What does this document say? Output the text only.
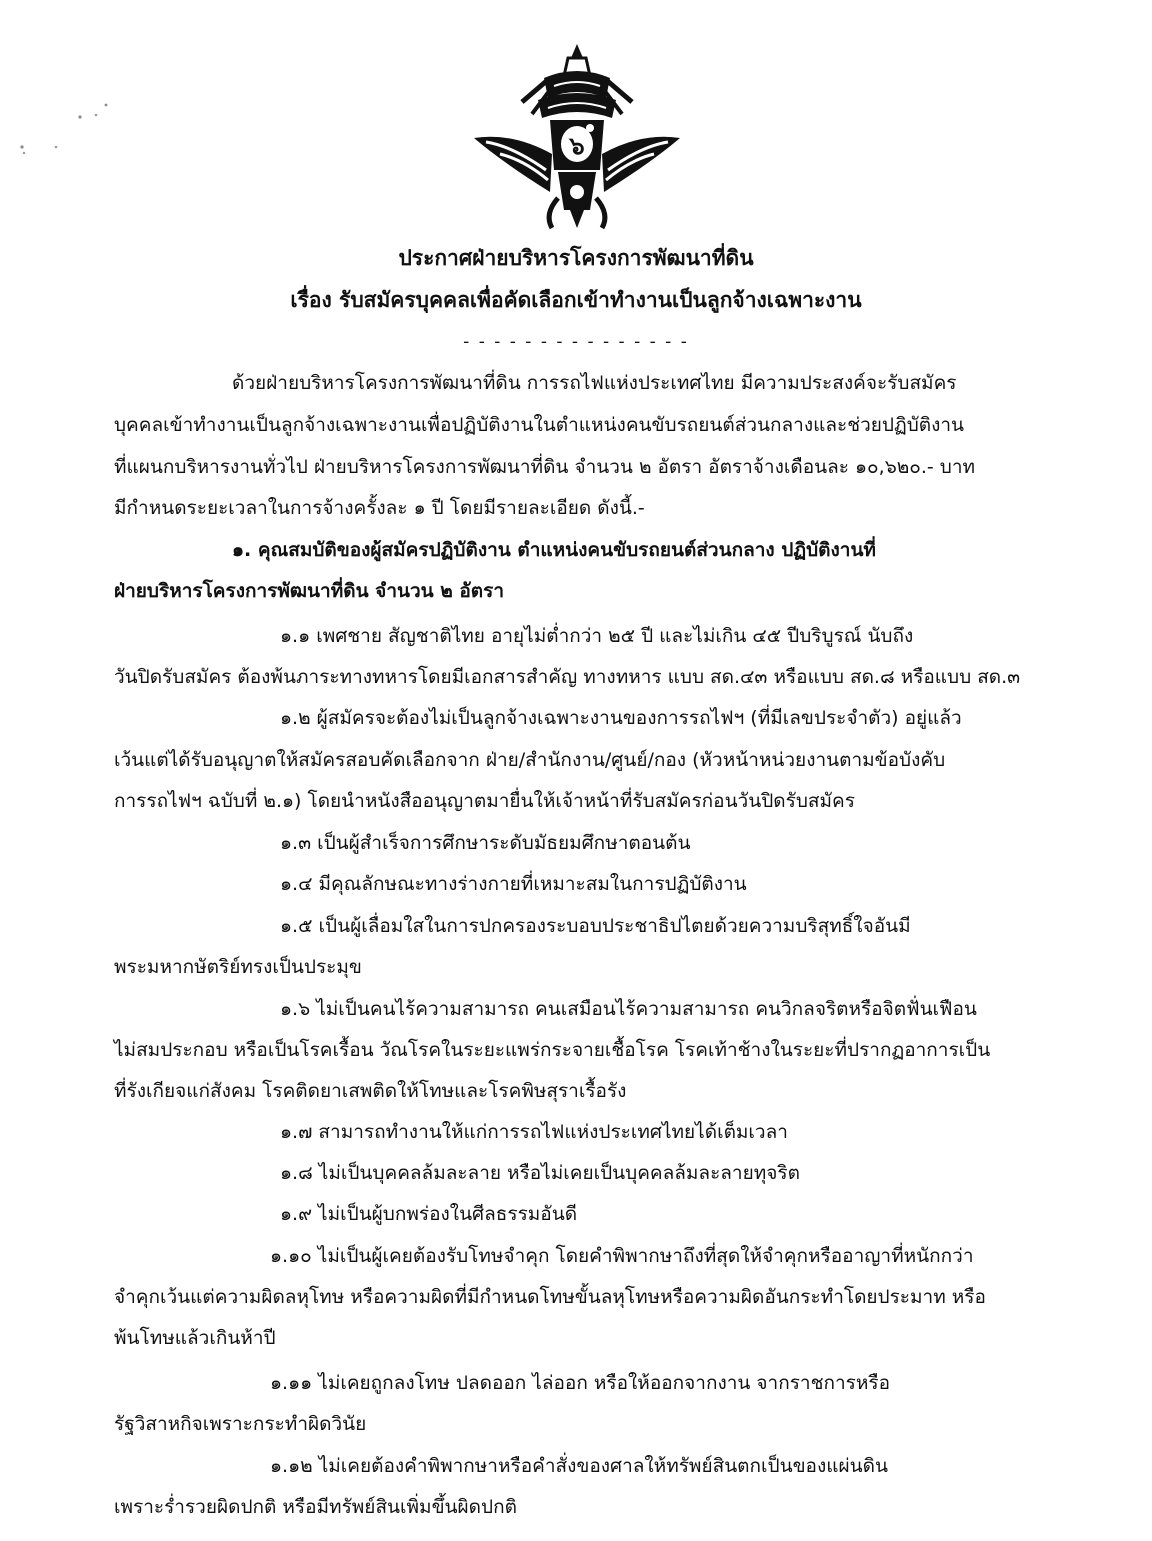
๖
ประกาศฝ่ายบริหารโครงการพัฒนาที่ดิน
เรื่อง รับสมัครบุคคลเพื่อคัดเลือกเข้าทำงานเป็นลูกจ้างเฉพาะงาน
- - - - - - - - - - - - - - -
ด้วยฝ่ายบริหารโครงการพัฒนาที่ดิน การรถไฟแห่งประเทศไทย มีความประสงค์จะรับสมัคร
บุคคลเข้าทำงานเป็นลูกจ้างเฉพาะงานเพื่อปฏิบัติงานในตำแหน่งคนขับรถยนต์ส่วนกลางและช่วยปฏิบัติงาน
ที่แผนกบริหารงานทั่วไป ฝ่ายบริหารโครงการพัฒนาที่ดิน จำนวน ๒ อัตรา อัตราจ้างเดือนละ ๑๐,๖๒๐.- บาท
มีกำหนดระยะเวลาในการจ้างครั้งละ ๑ ปี โดยมีรายละเอียด ดังนี้.-
๑. คุณสมบัติของผู้สมัครปฏิบัติงาน ตำแหน่งคนขับรถยนต์ส่วนกลาง ปฏิบัติงานที่
ฝ่ายบริหารโครงการพัฒนาที่ดิน จำนวน ๒ อัตรา
๑.๑ เพศชาย สัญชาติไทย อายุไม่ต่ำกว่า ๒๕ ปี และไม่เกิน ๔๕ ปีบริบูรณ์ นับถึง
วันปิดรับสมัคร ต้องพ้นภาระทางทหารโดยมีเอกสารสำคัญ ทางทหาร แบบ สด.๔๓ หรือแบบ สด.๘ หรือแบบ สด.๓
๑.๒ ผู้สมัครจะต้องไม่เป็นลูกจ้างเฉพาะงานของการรถไฟฯ (ที่มีเลขประจำตัว) อยู่แล้ว
เว้นแต่ได้รับอนุญาตให้สมัครสอบคัดเลือกจาก ฝ่าย/สำนักงาน/ศูนย์/กอง (หัวหน้าหน่วยงานตามข้อบังคับ
การรถไฟฯ ฉบับที่ ๒.๑) โดยนำหนังสืออนุญาตมายื่นให้เจ้าหน้าที่รับสมัครก่อนวันปิดรับสมัคร
๑.๓ เป็นผู้สำเร็จการศึกษาระดับมัธยมศึกษาตอนต้น
๑.๔ มีคุณลักษณะทางร่างกายที่เหมาะสมในการปฏิบัติงาน
๑.๕ เป็นผู้เลื่อมใสในการปกครองระบอบประชาธิปไตยด้วยความบริสุทธิ์ใจอันมี
พระมหากษัตริย์ทรงเป็นประมุข
๑.๖ ไม่เป็นคนไร้ความสามารถ คนเสมือนไร้ความสามารถ คนวิกลจริตหรือจิตฟั่นเฟือน
ไม่สมประกอบ หรือเป็นโรคเรื้อน วัณโรคในระยะแพร่กระจายเชื้อโรค โรคเท้าช้างในระยะที่ปรากฏอาการเป็น
ที่รังเกียจแก่สังคม โรคติดยาเสพติดให้โทษและโรคพิษสุราเรื้อรัง
๑.๗ สามารถทำงานให้แก่การรถไฟแห่งประเทศไทยได้เต็มเวลา
๑.๘ ไม่เป็นบุคคลล้มละลาย หรือไม่เคยเป็นบุคคลล้มละลายทุจริต
๑.๙ ไม่เป็นผู้บกพร่องในศีลธรรมอันดี
๑.๑๐ ไม่เป็นผู้เคยต้องรับโทษจำคุก โดยคำพิพากษาถึงที่สุดให้จำคุกหรืออาญาที่หนักกว่า
จำคุกเว้นแต่ความผิดลหุโทษ หรือความผิดที่มีกำหนดโทษขั้นลหุโทษหรือความผิดอันกระทำโดยประมาท หรือ
พ้นโทษแล้วเกินห้าปี
๑.๑๑ ไม่เคยถูกลงโทษ ปลดออก ไล่ออก หรือให้ออกจากงาน จากราชการหรือ
รัฐวิสาหกิจเพราะกระทำผิดวินัย
๑.๑๒ ไม่เคยต้องคำพิพากษาหรือคำสั่งของศาลให้ทรัพย์สินตกเป็นของแผ่นดิน
เพราะร่ำรวยผิดปกติ หรือมีทรัพย์สินเพิ่มขึ้นผิดปกติ
